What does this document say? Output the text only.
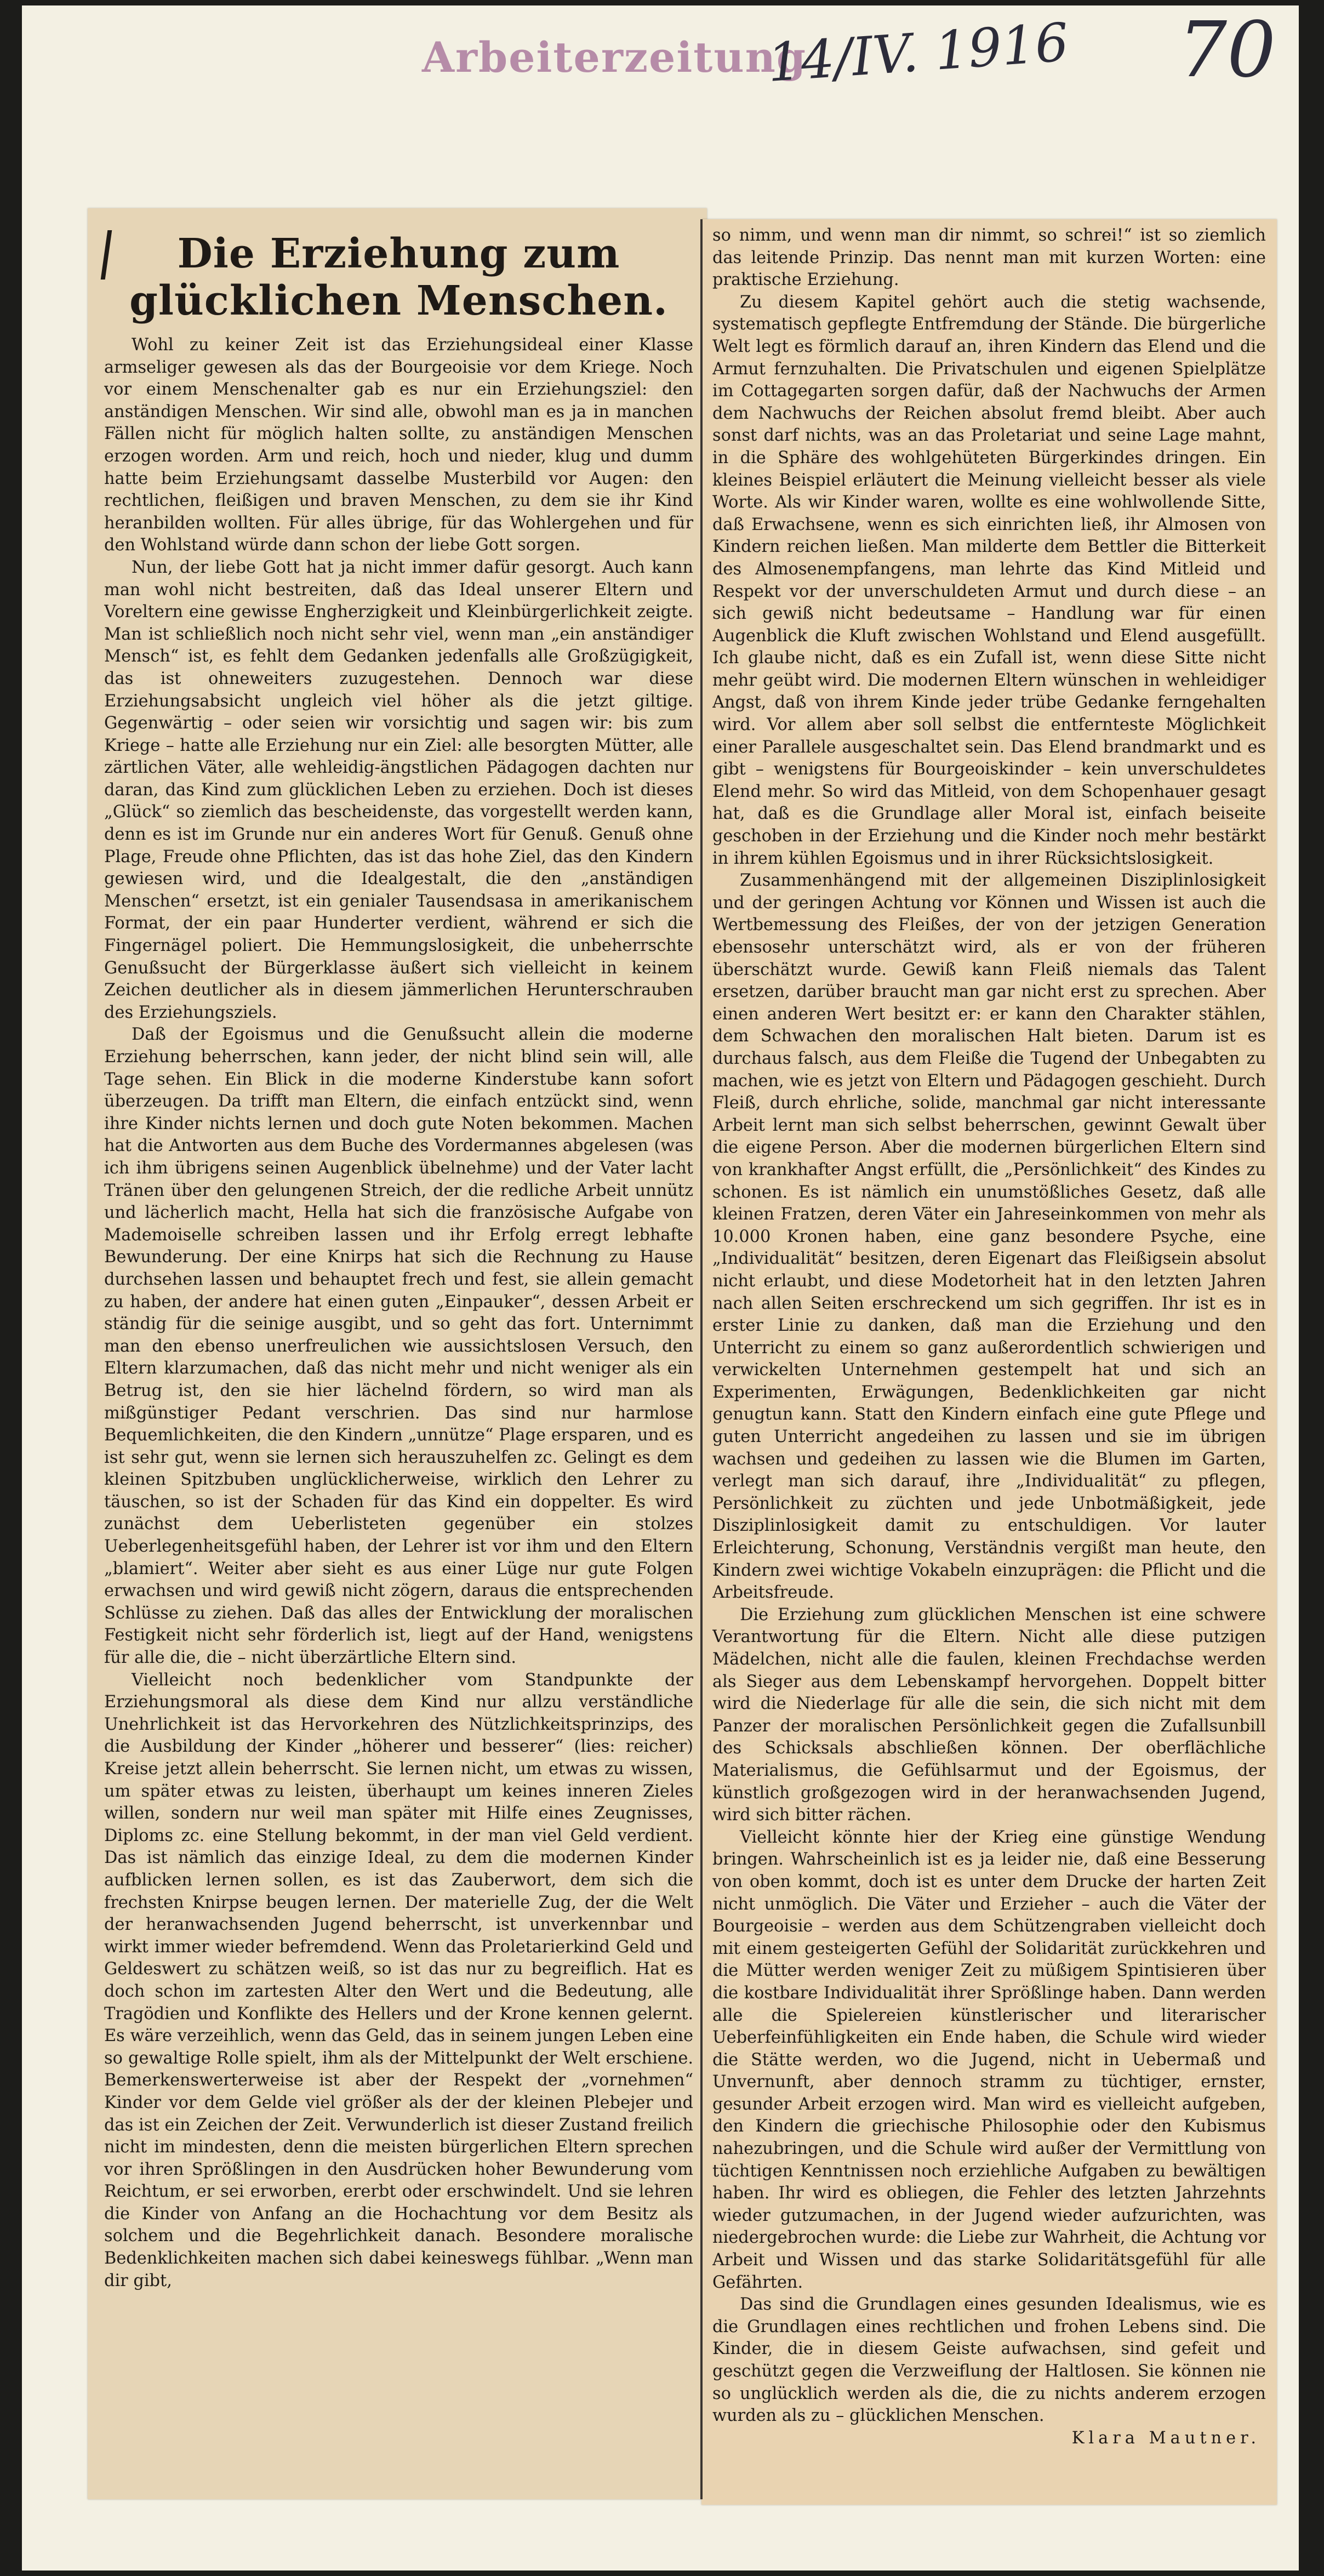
Arbeiterzeitung
14/IV. 1916 70
Die Erziehung zum glücklichen Menschen.

Wohl zu keiner Zeit ist das Erziehungsideal einer Klasse armseliger gewesen als das der Bourgeoisie vor dem Kriege. Noch vor einem Menschenalter gab es nur ein Erziehungsziel: den anständigen Menschen. Wir sind alle, obwohl man es ja in manchen Fällen nicht für möglich halten sollte, zu anständigen Menschen erzogen worden. Arm und reich, hoch und nieder, klug und dumm hatte beim Erziehungsamt dasselbe Musterbild vor Augen: den rechtlichen, fleißigen und braven Menschen, zu dem sie ihr Kind heranbilden wollten. Für alles übrige, für das Wohlergehen und für den Wohlstand würde dann schon der liebe Gott sorgen.

Nun, der liebe Gott hat ja nicht immer dafür gesorgt. Auch kann man wohl nicht bestreiten, daß das Ideal unserer Eltern und Voreltern eine gewisse Engherzigkeit und Kleinbürgerlichkeit zeigte. Man ist schließlich noch nicht sehr viel, wenn man „ein anständiger Mensch“ ist, es fehlt dem Gedanken jedenfalls alle Großzügigkeit, das ist ohneweiters zuzugestehen. Dennoch war diese Erziehungsabsicht ungleich viel höher als die jetzt giltige. Gegenwärtig – oder seien wir vorsichtig und sagen wir: bis zum Kriege – hatte alle Erziehung nur ein Ziel: alle besorgten Mütter, alle zärtlichen Väter, alle wehleidig-ängstlichen Pädagogen dachten nur daran, das Kind zum glücklichen Leben zu erziehen. Doch ist dieses „Glück“ so ziemlich das bescheidenste, das vorgestellt werden kann, denn es ist im Grunde nur ein anderes Wort für Genuß. Genuß ohne Plage, Freude ohne Pflichten, das ist das hohe Ziel, das den Kindern gewiesen wird, und die Idealgestalt, die den „anständigen Menschen“ ersetzt, ist ein genialer Tausendsasa in amerikanischem Format, der ein paar Hunderter verdient, während er sich die Fingernägel poliert. Die Hemmungslosigkeit, die unbeherrschte Genußsucht der Bürgerklasse äußert sich vielleicht in keinem Zeichen deutlicher als in diesem jämmerlichen Herunterschrauben des Erziehungsziels.

Daß der Egoismus und die Genußsucht allein die moderne Erziehung beherrschen, kann jeder, der nicht blind sein will, alle Tage sehen. Ein Blick in die moderne Kinderstube kann sofort überzeugen. Da trifft man Eltern, die einfach entzückt sind, wenn ihre Kinder nichts lernen und doch gute Noten bekommen. Machen hat die Antworten aus dem Buche des Vordermannes abgelesen (was ich ihm übrigens seinen Augenblick übelnehme) und der Vater lacht Tränen über den gelungenen Streich, der die redliche Arbeit unnütz und lächerlich macht, Hella hat sich die französische Aufgabe von Mademoiselle schreiben lassen und ihr Erfolg erregt lebhafte Bewunderung. Der eine Knirps hat sich die Rechnung zu Hause durchsehen lassen und behauptet frech und fest, sie allein gemacht zu haben, der andere hat einen guten „Einpauker“, dessen Arbeit er ständig für die seinige ausgibt, und so geht das fort. Unternimmt man den ebenso unerfreulichen wie aussichtslosen Versuch, den Eltern klarzumachen, daß das nicht mehr und nicht weniger als ein Betrug ist, den sie hier lächelnd fördern, so wird man als mißgünstiger Pedant verschrien. Das sind nur harmlose Bequemlichkeiten, die den Kindern „unnütze“ Plage ersparen, und es ist sehr gut, wenn sie lernen sich herauszuhelfen zc. Gelingt es dem kleinen Spitzbuben unglücklicherweise, wirklich den Lehrer zu täuschen, so ist der Schaden für das Kind ein doppelter. Es wird zunächst dem Ueberlisteten gegenüber ein stolzes Ueberlegenheitsgefühl haben, der Lehrer ist vor ihm und den Eltern „blamiert“. Weiter aber sieht es aus einer Lüge nur gute Folgen erwachsen und wird gewiß nicht zögern, daraus die entsprechenden Schlüsse zu ziehen. Daß das alles der Entwicklung der moralischen Festigkeit nicht sehr förderlich ist, liegt auf der Hand, wenigstens für alle die, die – nicht überzärtliche Eltern sind.

Vielleicht noch bedenklicher vom Standpunkte der Erziehungsmoral als diese dem Kind nur allzu verständliche Unehrlichkeit ist das Hervorkehren des Nützlichkeitsprinzips, des die Ausbildung der Kinder „höherer und besserer“ (lies: reicher) Kreise jetzt allein beherrscht. Sie lernen nicht, um etwas zu wissen, um später etwas zu leisten, überhaupt um keines inneren Zieles willen, sondern nur weil man später mit Hilfe eines Zeugnisses, Diploms zc. eine Stellung bekommt, in der man viel Geld verdient. Das ist nämlich das einzige Ideal, zu dem die modernen Kinder aufblicken lernen sollen, es ist das Zauberwort, dem sich die frechsten Knirpse beugen lernen. Der materielle Zug, der die Welt der heranwachsenden Jugend beherrscht, ist unverkennbar und wirkt immer wieder befremdend. Wenn das Proletarierkind Geld und Geldeswert zu schätzen weiß, so ist das nur zu begreiflich. Hat es doch schon im zartesten Alter den Wert und die Bedeutung, alle Tragödien und Konflikte des Hellers und der Krone kennen gelernt. Es wäre verzeihlich, wenn das Geld, das in seinem jungen Leben eine so gewaltige Rolle spielt, ihm als der Mittelpunkt der Welt erschiene. Bemerkenswerterweise ist aber der Respekt der „vornehmen“ Kinder vor dem Gelde viel größer als der der kleinen Plebejer und das ist ein Zeichen der Zeit. Verwunderlich ist dieser Zustand freilich nicht im mindesten, denn die meisten bürgerlichen Eltern sprechen vor ihren Sprößlingen in den Ausdrücken hoher Bewunderung vom Reichtum, er sei erworben, ererbt oder erschwindelt. Und sie lehren die Kinder von Anfang an die Hochachtung vor dem Besitz als solchem und die Begehrlichkeit danach. Besondere moralische Bedenklichkeiten machen sich dabei keineswegs fühlbar. „Wenn man dir gibt,

so nimm, und wenn man dir nimmt, so schrei!“ ist so ziemlich das leitende Prinzip. Das nennt man mit kurzen Worten: eine praktische Erziehung.

Zu diesem Kapitel gehört auch die stetig wachsende, systematisch gepflegte Entfremdung der Stände. Die bürgerliche Welt legt es förmlich darauf an, ihren Kindern das Elend und die Armut fernzuhalten. Die Privatschulen und eigenen Spielplätze im Cottagegarten sorgen dafür, daß der Nachwuchs der Armen dem Nachwuchs der Reichen absolut fremd bleibt. Aber auch sonst darf nichts, was an das Proletariat und seine Lage mahnt, in die Sphäre des wohlgehüteten Bürgerkindes dringen. Ein kleines Beispiel erläutert die Meinung vielleicht besser als viele Worte. Als wir Kinder waren, wollte es eine wohlwollende Sitte, daß Erwachsene, wenn es sich einrichten ließ, ihr Almosen von Kindern reichen ließen. Man milderte dem Bettler die Bitterkeit des Almosenempfangens, man lehrte das Kind Mitleid und Respekt vor der unverschuldeten Armut und durch diese – an sich gewiß nicht bedeutsame – Handlung war für einen Augenblick die Kluft zwischen Wohlstand und Elend ausgefüllt. Ich glaube nicht, daß es ein Zufall ist, wenn diese Sitte nicht mehr geübt wird. Die modernen Eltern wünschen in wehleidiger Angst, daß von ihrem Kinde jeder trübe Gedanke ferngehalten wird. Vor allem aber soll selbst die entfernteste Möglichkeit einer Parallele ausgeschaltet sein. Das Elend brandmarkt und es gibt – wenigstens für Bourgeoiskinder – kein unverschuldetes Elend mehr. So wird das Mitleid, von dem Schopenhauer gesagt hat, daß es die Grundlage aller Moral ist, einfach beiseite geschoben in der Erziehung und die Kinder noch mehr bestärkt in ihrem kühlen Egoismus und in ihrer Rücksichtslosigkeit.

Zusammenhängend mit der allgemeinen Disziplinlosigkeit und der geringen Achtung vor Können und Wissen ist auch die Wertbemessung des Fleißes, der von der jetzigen Generation ebensosehr unterschätzt wird, als er von der früheren überschätzt wurde. Gewiß kann Fleiß niemals das Talent ersetzen, darüber braucht man gar nicht erst zu sprechen. Aber einen anderen Wert besitzt er: er kann den Charakter stählen, dem Schwachen den moralischen Halt bieten. Darum ist es durchaus falsch, aus dem Fleiße die Tugend der Unbegabten zu machen, wie es jetzt von Eltern und Pädagogen geschieht. Durch Fleiß, durch ehrliche, solide, manchmal gar nicht interessante Arbeit lernt man sich selbst beherrschen, gewinnt Gewalt über die eigene Person. Aber die modernen bürgerlichen Eltern sind von krankhafter Angst erfüllt, die „Persönlichkeit“ des Kindes zu schonen. Es ist nämlich ein unumstößliches Gesetz, daß alle kleinen Fratzen, deren Väter ein Jahreseinkommen von mehr als 10.000 Kronen haben, eine ganz besondere Psyche, eine „Individualität“ besitzen, deren Eigenart das Fleißigsein absolut nicht erlaubt, und diese Modetorheit hat in den letzten Jahren nach allen Seiten erschreckend um sich gegriffen. Ihr ist es in erster Linie zu danken, daß man die Erziehung und den Unterricht zu einem so ganz außerordentlich schwierigen und verwickelten Unternehmen gestempelt hat und sich an Experimenten, Erwägungen, Bedenklichkeiten gar nicht genugtun kann. Statt den Kindern einfach eine gute Pflege und guten Unterricht angedeihen zu lassen und sie im übrigen wachsen und gedeihen zu lassen wie die Blumen im Garten, verlegt man sich darauf, ihre „Individualität“ zu pflegen, Persönlichkeit zu züchten und jede Unbotmäßigkeit, jede Disziplinlosigkeit damit zu entschuldigen. Vor lauter Erleichterung, Schonung, Verständnis vergißt man heute, den Kindern zwei wichtige Vokabeln einzuprägen: die Pflicht und die Arbeitsfreude.

Die Erziehung zum glücklichen Menschen ist eine schwere Verantwortung für die Eltern. Nicht alle diese putzigen Mädelchen, nicht alle die faulen, kleinen Frechdachse werden als Sieger aus dem Lebenskampf hervorgehen. Doppelt bitter wird die Niederlage für alle die sein, die sich nicht mit dem Panzer der moralischen Persönlichkeit gegen die Zufallsunbill des Schicksals abschließen können. Der oberflächliche Materialismus, die Gefühlsarmut und der Egoismus, der künstlich großgezogen wird in der heranwachsenden Jugend, wird sich bitter rächen.

Vielleicht könnte hier der Krieg eine günstige Wendung bringen. Wahrscheinlich ist es ja leider nie, daß eine Besserung von oben kommt, doch ist es unter dem Drucke der harten Zeit nicht unmöglich. Die Väter und Erzieher – auch die Väter der Bourgeoisie – werden aus dem Schützengraben vielleicht doch mit einem gesteigerten Gefühl der Solidarität zurückkehren und die Mütter werden weniger Zeit zu müßigem Spintisieren über die kostbare Individualität ihrer Sprößlinge haben. Dann werden alle die Spielereien künstlerischer und literarischer Ueberfeinfühligkeiten ein Ende haben, die Schule wird wieder die Stätte werden, wo die Jugend, nicht in Uebermaß und Unvernunft, aber dennoch stramm zu tüchtiger, ernster, gesunder Arbeit erzogen wird. Man wird es vielleicht aufgeben, den Kindern die griechische Philosophie oder den Kubismus nahezubringen, und die Schule wird außer der Vermittlung von tüchtigen Kenntnissen noch erziehliche Aufgaben zu bewältigen haben. Ihr wird es obliegen, die Fehler des letzten Jahrzehnts wieder gutzumachen, in der Jugend wieder aufzurichten, was niedergebrochen wurde: die Liebe zur Wahrheit, die Achtung vor Arbeit und Wissen und das starke Solidaritätsgefühl für alle Gefährten.

Das sind die Grundlagen eines gesunden Idealismus, wie es die Grundlagen eines rechtlichen und frohen Lebens sind. Die Kinder, die in diesem Geiste aufwachsen, sind gefeit und geschützt gegen die Verzweiflung der Haltlosen. Sie können nie so unglücklich werden als die, die zu nichts anderem erzogen wurden als zu – glücklichen Menschen.

Klara Mautner.
